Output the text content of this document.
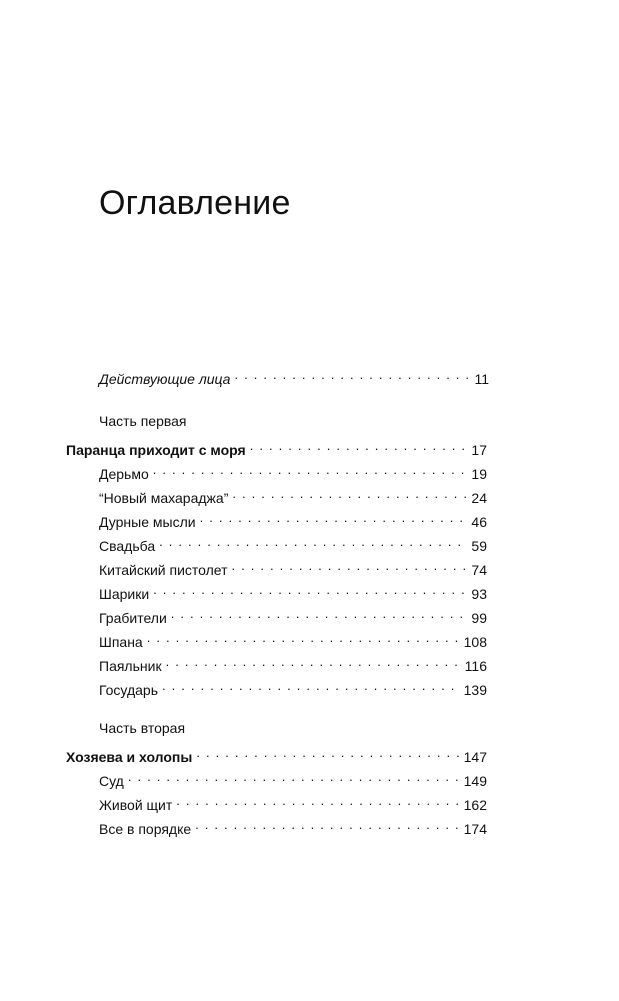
Оглавление
Действующие лица . . .	11
Часть первая
Паранца приходит с моря . . .	17
Дерьмо . . .	19
“Новый махараджа” . . .	24
Дурные мысли . . .	46
Свадьба . . .	59
Китайский пистолет . . .	74
Шарики . . .	93
Грабители . . .	99
Шпана . . .	108
Паяльник . . .	116
Государь . . .	139
Часть вторая
Хозяева и холопы . . .	147
Суд . . .	149
Живой щит . . .	162
Все в порядке . . .	174
